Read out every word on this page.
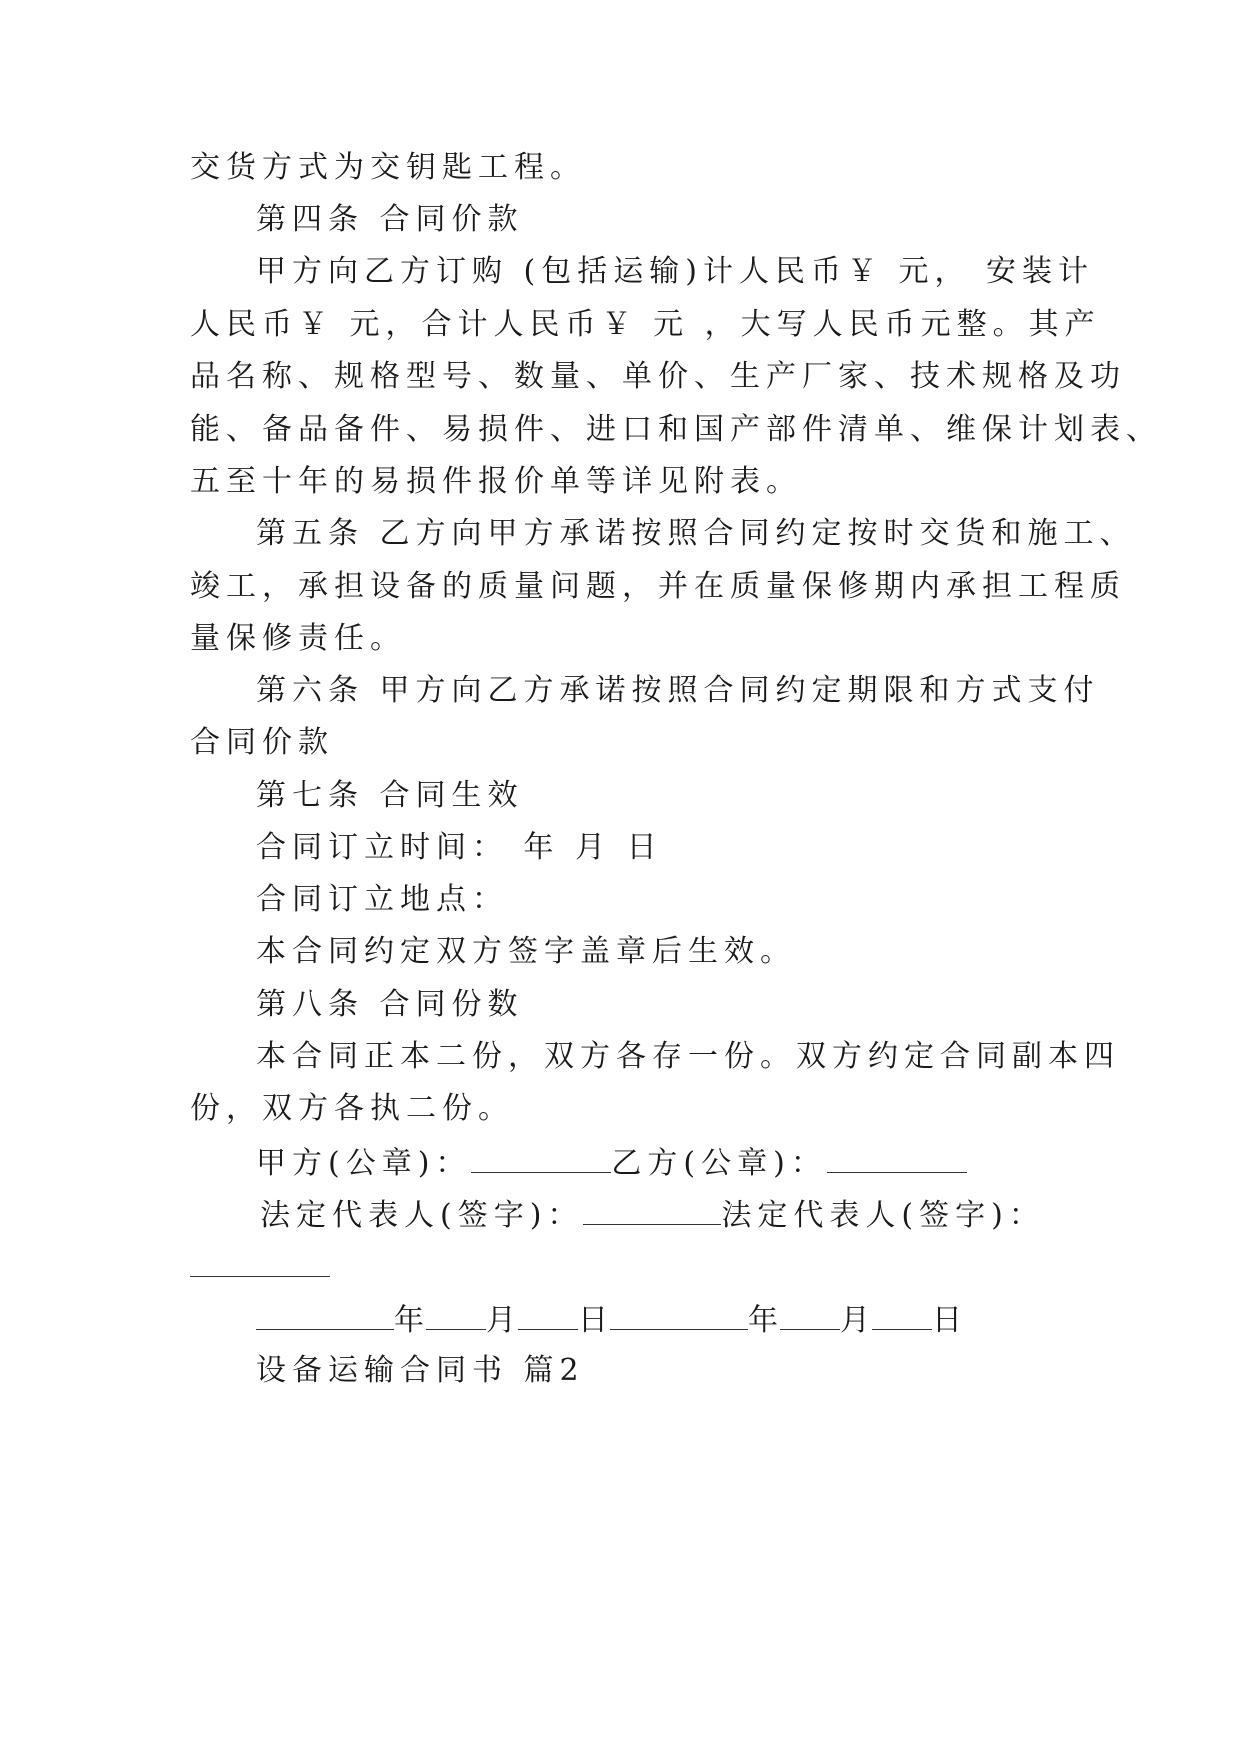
交货方式为交钥匙工程。
第四条 合同价款
甲方向乙方订购 (包括运输)计人民币￥ 元， 安装计
人民币￥ 元，合计人民币￥ 元 ，大写人民币元整。其产
品名称、规格型号、数量、单价、生产厂家、技术规格及功
能、备品备件、易损件、进口和国产部件清单、维保计划表、
五至十年的易损件报价单等详见附表。
第五条 乙方向甲方承诺按照合同约定按时交货和施工、
竣工，承担设备的质量问题，并在质量保修期内承担工程质
量保修责任。
第六条 甲方向乙方承诺按照合同约定期限和方式支付
合同价款
第七条 合同生效
合同订立时间： 年 月 日
合同订立地点：
本合同约定双方签字盖章后生效。
第八条 合同份数
本合同正本二份，双方各存一份。双方约定合同副本四
份，双方各执二份。
甲方(公章)：	乙方(公章)：
法定代表人(签字)：	法定代表人(签字)：
年 月 日	年 月 日
设备运输合同书 篇2
